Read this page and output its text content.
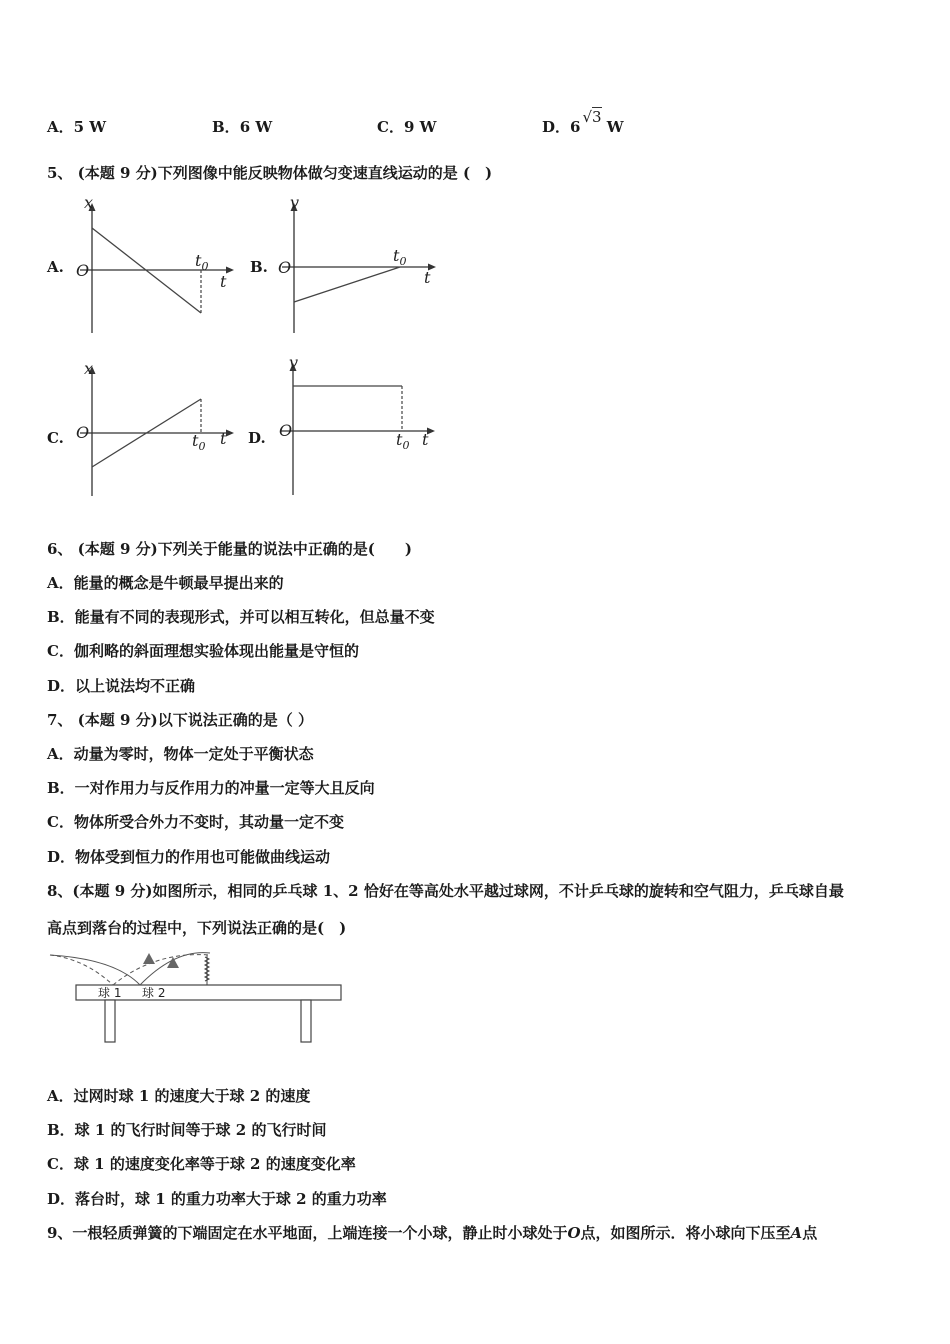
A．5 W	B．6 W	C．9 W	D．6√3 W
5、 (本题 9 分)下列图像中能反映物体做匀变速直线运动的是 (　)
A.
x
O
$t_0$
t
B.
v
O
$t_0$
t
C.
x
O	$t_0$ t D.
v
O	$t_0$ t
6、 (本题 9 分)下列关于能量的说法中正确的是(　　)
A．能量的概念是牛顿最早提出来的
B．能量有不同的表现形式，并可以相互转化，但总量不变
C．伽利略的斜面理想实验体现出能量是守恒的
D．以上说法均不正确
7、 (本题 9 分)以下说法正确的是（ ）
A．动量为零时，物体一定处于平衡状态
B．一对作用力与反作用力的冲量一定等大且反向
C．物体所受合外力不变时，其动量一定不变
D．物体受到恒力的作用也可能做曲线运动
8、(本题 9 分)如图所示，相同的乒乓球 1、2 恰好在等高处水平越过球网，不计乒乓球的旋转和空气阻力，乒乓球自最
高点到落台的过程中，下列说法正确的是(　)
球 1 球 2
A．过网时球 1 的速度大于球 2 的速度
B．球 1 的飞行时间等于球 2 的飞行时间
C．球 1 的速度变化率等于球 2 的速度变化率
D．落台时，球 1 的重力功率大于球 2 的重力功率
9、一根轻质弹簧的下端固定在水平地面，上端连接一个小球，静止时小球处于O点，如图所示．将小球向下压至A点
